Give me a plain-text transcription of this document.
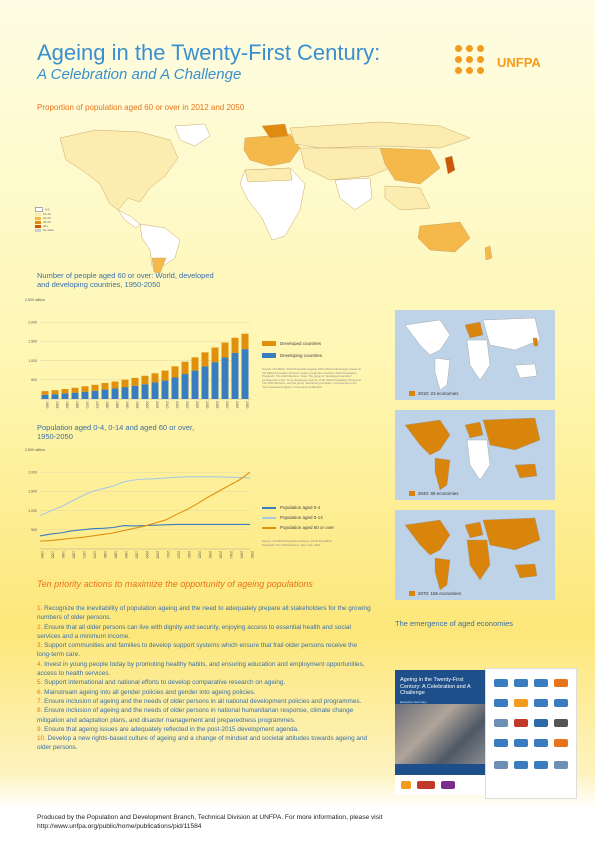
Ageing in the Twenty-First Century:
A Celebration and A Challenge
UNFPA
Proportion of population aged 60 or over in 2012 and 2050
0-9
10-19
20-24
25-29
30+
No data
Number of people aged 60 or over: World, developed
and developing countries, 1950-2050
2,500 million
500
1,000
1,500
2,000
1950 1955 1960 1965 1970 1975 1980 1985 1990 1995 2000 2005 2010 2015 2020 2025 2030 2035 2040 2045 2050
Developed countries
Developing countries
Source: UN DESA, World Population Ageing 2011 (2012 forthcoming); based on UN DESA Population Division medium projection scenario, World Population Prospects: The 2010 Revision. Note: The group of "developed countries" corresponds to the "more developed regions" of the World Population Prospects: The 2010 Revision, and the group "developing countries" corresponds to the "less developed regions" of the same publication.
Population aged 0-4, 0-14 and aged 60 or over,
1950-2050
2,500 million
500
1,000
1,500
2,000
1950 1955 1960 1965 1970 1975 1980 1985 1990 1995 2000 2005 2010 2015 2020 2025 2030 2035 2040 2045 2050
Population aged 0-4
Population aged 0-14
Population aged 60 or over
Source: UN DESA Population Division, World Population Prospects: The 2010 Revision. New York, 2011.
2010: 23 economies
2040: 89 economies
2070: 155 economies
The emergence of aged economies
Ten priority actions to maximize the opportunity of ageing populations

1. Recognize the inevitability of population ageing and the need to adequately prepare all stakeholders for the growing numbers of older persons.

2. Ensure that all older persons can live with dignity and security, enjoying access to essential health and social services and a minimum income.

3. Support communities and families to develop support systems which ensure that frail older persons receive the long-term care.

4. Invest in young people today by promoting healthy habits, and ensuring education and employment opportunities, access to health services.

5. Support international and national efforts to develop comparative research on ageing.

6. Mainstream ageing into all gender policies and gender into ageing policies.

7. Ensure inclusion of ageing and the needs of older persons in all national development policies and programmes.

8. Ensure inclusion of ageing and the needs of older persons in national humanitarian response, climate change mitigation and adaptation plans, and disaster management and preparedness programmes.

9. Ensure that ageing issues are adequately reflected in the post-2015 development agenda.

10. Develop a new rights-based culture of ageing and a change of mindset and societal attitudes towards ageing and older persons.

Ageing in the Twenty-First Century: A Celebration and A Challenge
Executive Summary
Produced by the Population and Development Branch, Technical Division at UNFPA. For more information, please visit
http://www.unfpa.org/public/home/publications/pid/11584
